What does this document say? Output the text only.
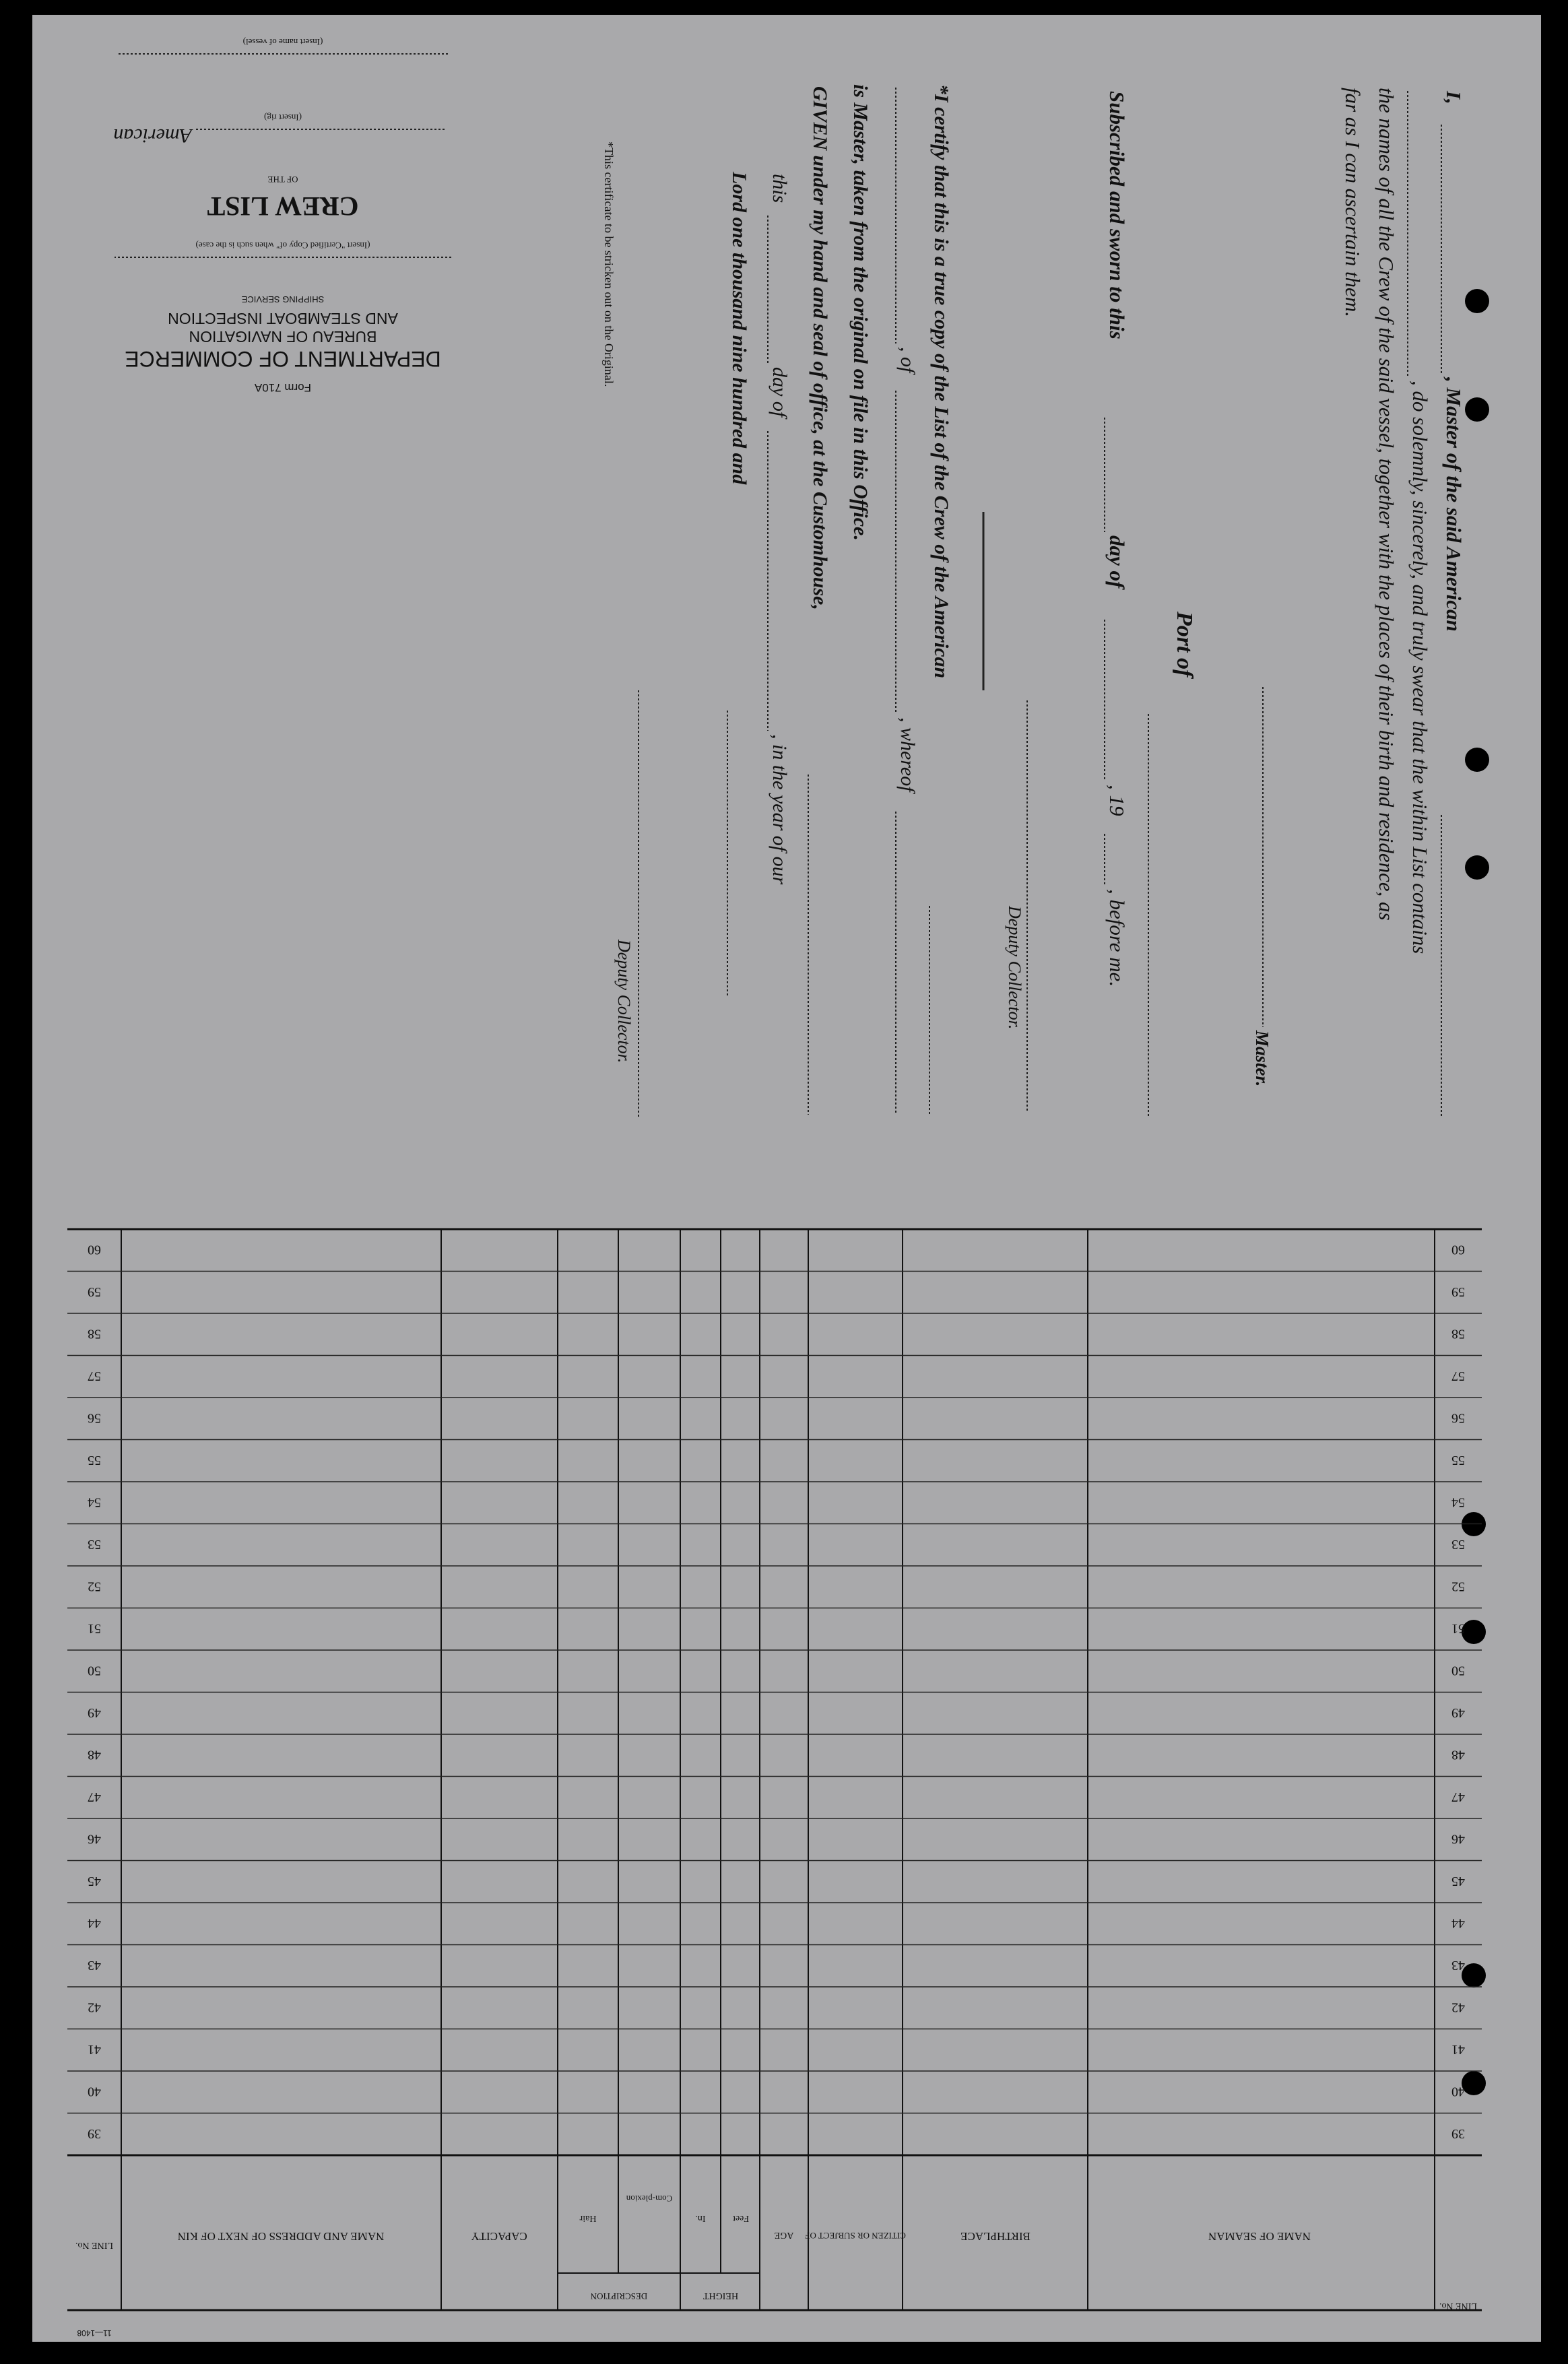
I,
, Master of the said American
, do solemnly, sincerely, and truly swear that the within List contains
the names of all the Crew of the said vessel, together with the places of their birth and residence, as
far as I can ascertain them.
Master.
Port of
Subscribed and sworn to this
day of
, 19
, before me.
Deputy Collector.
*I certify that this is a true copy of the List of the Crew of the American
, of
, whereof
is Master, taken from the original on file in this Office.
GIVEN under my hand and seal of office, at the Customhouse,
this
day of
, in the year of our
Lord one thousand nine hundred and
Deputy Collector.
*This certificate to be stricken out on the Original.
Form 710A
DEPARTMENT OF COMMERCE
BUREAU OF NAVIGATION
AND STEAMBOAT INSPECTION
SHIPPING SERVICE
(Insert "Certified Copy of" when such is the case)
CREW LIST
OF THE
American
(Insert rig)
(Insert name of vessel)
LINE No.
NAME OF SEAMAN
BIRTHPLACE
CITIZEN OR SUBJECT OF
AGE
HEIGHT
Feet
In.
DESCRIPTION
Com-plexion
Hair
CAPACITY
NAME AND ADDRESS OF NEXT OF KIN
LINE No.
39
39
40
40
41
41
42
42
43
43
44
44
45
45
46
46
47
47
48
48
49
49
50
50
51
51
52
52
53
53
54
54
55
55
56
56
57
57
58
58
59
59
60
60
11—1408
